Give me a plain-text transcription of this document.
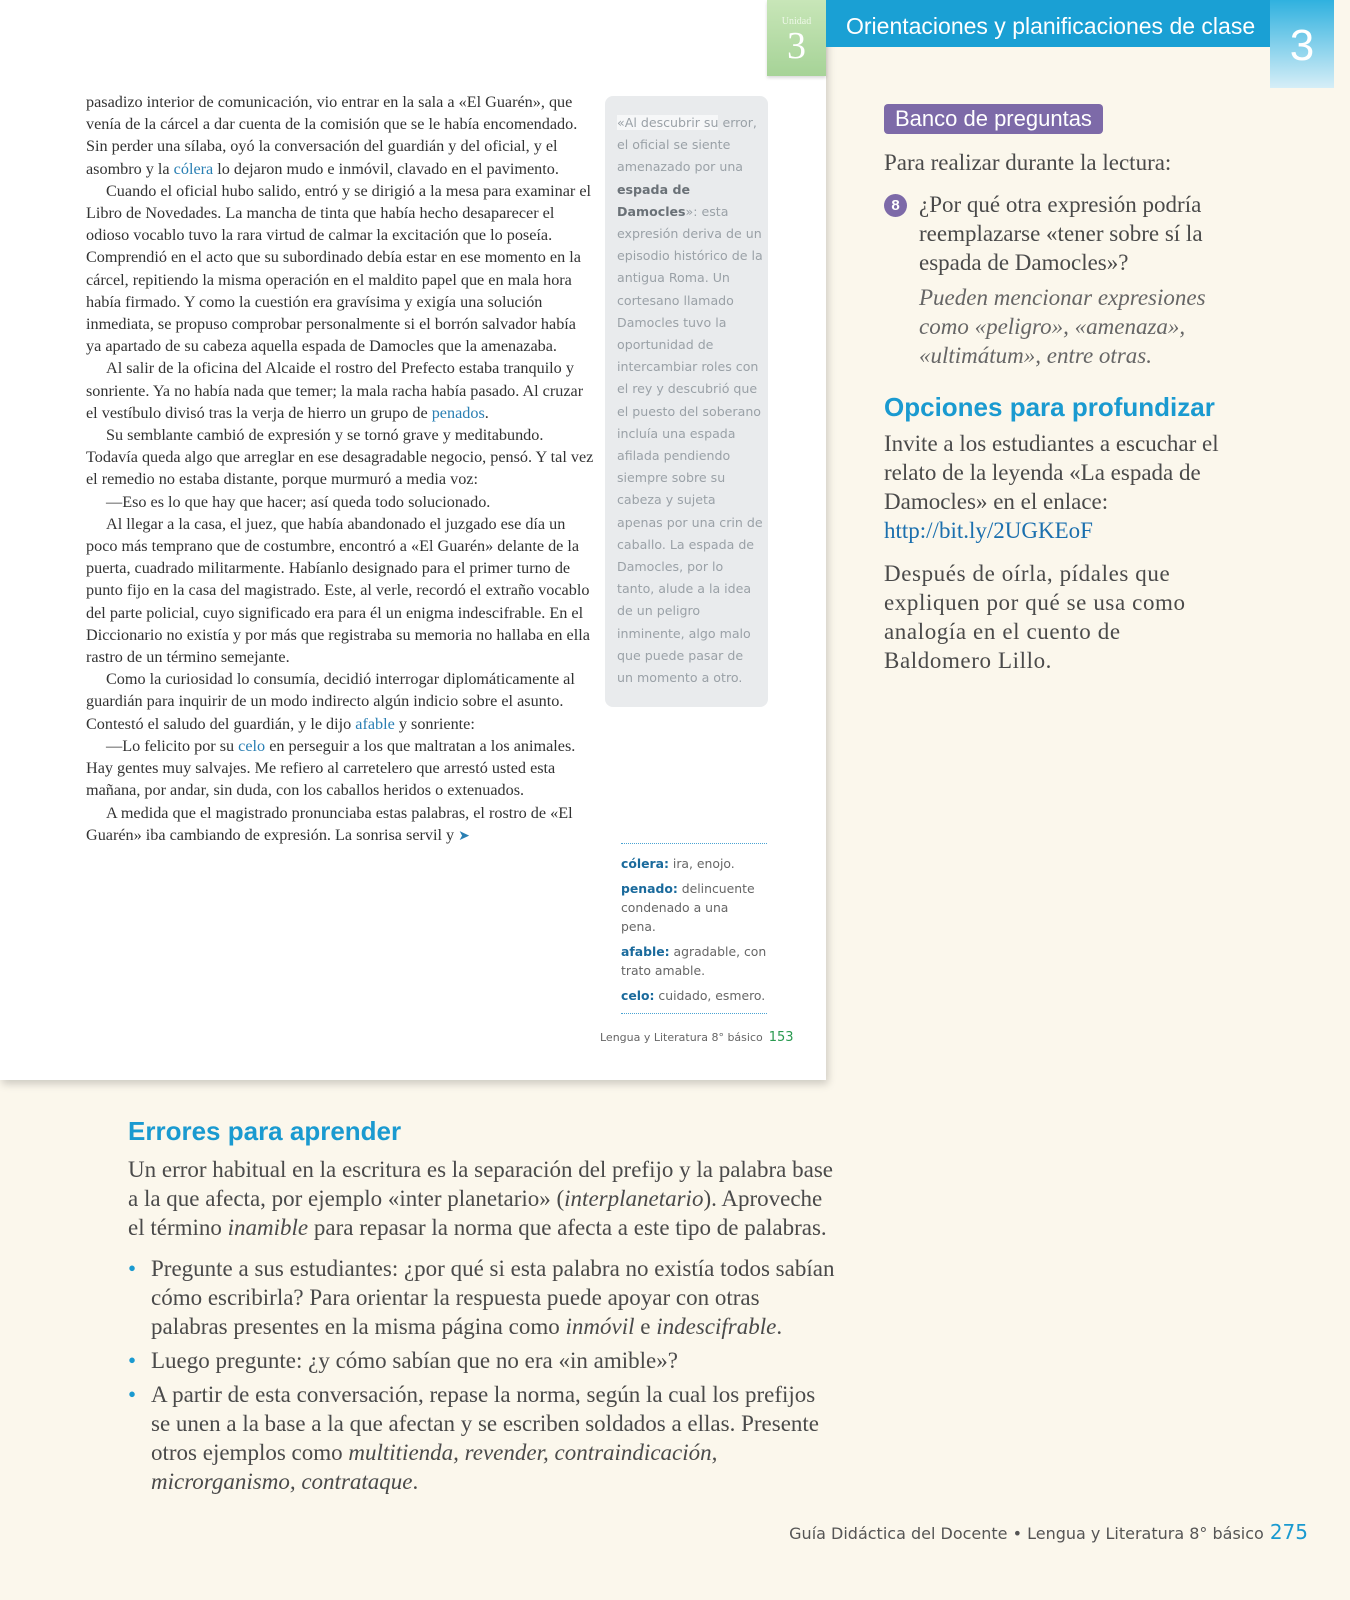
pasadizo interior de comunicación, vio entrar en la sala a «El Guarén», que venía de la cárcel a dar cuenta de la comisión que se le había encomendado. Sin perder una sílaba, oyó la conversación del guardián y del oficial, y el asombro y la cólera lo dejaron mudo e inmóvil, clavado en el pavimento.

Cuando el oficial hubo salido, entró y se dirigió a la mesa para examinar el Libro de Novedades. La mancha de tinta que había hecho desaparecer el odioso vocablo tuvo la rara virtud de calmar la excitación que lo poseía. Comprendió en el acto que su subordinado debía estar en ese momento en la cárcel, repitiendo la misma operación en el maldito papel que en mala hora había firmado. Y como la cuestión era gravísima y exigía una solución inmediata, se propuso comprobar personalmente si el borrón salvador había ya apartado de su cabeza aquella espada de Damocles que la amenazaba.

Al salir de la oficina del Alcaide el rostro del Prefecto estaba tranquilo y sonriente. Ya no había nada que temer; la mala racha había pasado. Al cruzar el vestíbulo divisó tras la verja de hierro un grupo de penados.

Su semblante cambió de expresión y se tornó grave y meditabundo. Todavía queda algo que arreglar en ese desagradable negocio, pensó. Y tal vez el remedio no estaba distante, porque murmuró a media voz:

—Eso es lo que hay que hacer; así queda todo solucionado.

Al llegar a la casa, el juez, que había abandonado el juzgado ese día un poco más temprano que de costumbre, encontró a «El Guarén» delante de la puerta, cuadrado militarmente. Habíanlo designado para el primer turno de punto fijo en la casa del magistrado. Este, al verle, recordó el extraño vocablo del parte policial, cuyo significado era para él un enigma indescifrable. En el Diccionario no existía y por más que registraba su memoria no hallaba en ella rastro de un término semejante.

Como la curiosidad lo consumía, decidió interrogar diplomáticamente al guardián para inquirir de un modo indirecto algún indicio sobre el asunto. Contestó el saludo del guardián, y le dijo afable y sonriente:

—Lo felicito por su celo en perseguir a los que maltratan a los animales. Hay gentes muy salvajes. Me refiero al carretelero que arrestó usted esta mañana, por andar, sin duda, con los caballos heridos o extenuados.

A medida que el magistrado pronunciaba estas palabras, el rostro de «El Guarén» iba cambiando de expresión. La sonrisa servil y ➤

«Al descubrir su error, el oficial se siente amenazado por una espada de Damocles»: esta expresión deriva de un episodio histórico de la antigua Roma. Un cortesano llamado Damocles tuvo la oportunidad de intercambiar roles con el rey y descubrió que el puesto del soberano incluía una espada afilada pendiendo siempre sobre su cabeza y sujeta apenas por una crin de caballo. La espada de Damocles, por lo tanto, alude a la idea de un peligro inminente, algo malo que puede pasar de un momento a otro.
cólera: ira, enojo.
penado: delincuente condenado a una pena.
afable: agradable, con trato amable.
celo: cuidado, esmero.
Lengua y Literatura 8° básico 153
Unidad
3	Orientaciones y planificaciones de clase 3
Banco de preguntas
Para realizar durante la lectura:
8 ¿Por qué otra expresión podría reemplazarse «tener sobre sí la espada de Damocles»?
Pueden mencionar expresiones como «peligro», «amenaza», «ultimátum», entre otras.
Opciones para profundizar
Invite a los estudiantes a escuchar el relato de la leyenda «La espada de Damocles» en el enlace: http://bit.ly/2UGKEoF
Después de oírla, pídales que expliquen por qué se usa como analogía en el cuento de Baldomero Lillo.
Errores para aprender
Un error habitual en la escritura es la separación del prefijo y la palabra base a la que afecta, por ejemplo «inter planetario» (interplanetario). Aproveche el término inamible para repasar la norma que afecta a este tipo de palabras.
• Pregunte a sus estudiantes: ¿por qué si esta palabra no existía todos sabían cómo escribirla? Para orientar la respuesta puede apoyar con otras palabras presentes en la misma página como inmóvil e indescifrable.
• Luego pregunte: ¿y cómo sabían que no era «in amible»?
• A partir de esta conversación, repase la norma, según la cual los prefijos se unen a la base a la que afectan y se escriben soldados a ellas. Presente otros ejemplos como multitienda, revender, contraindicación, microrganismo, contrataque.
Guía Didáctica del Docente • Lengua y Literatura 8° básico 275
